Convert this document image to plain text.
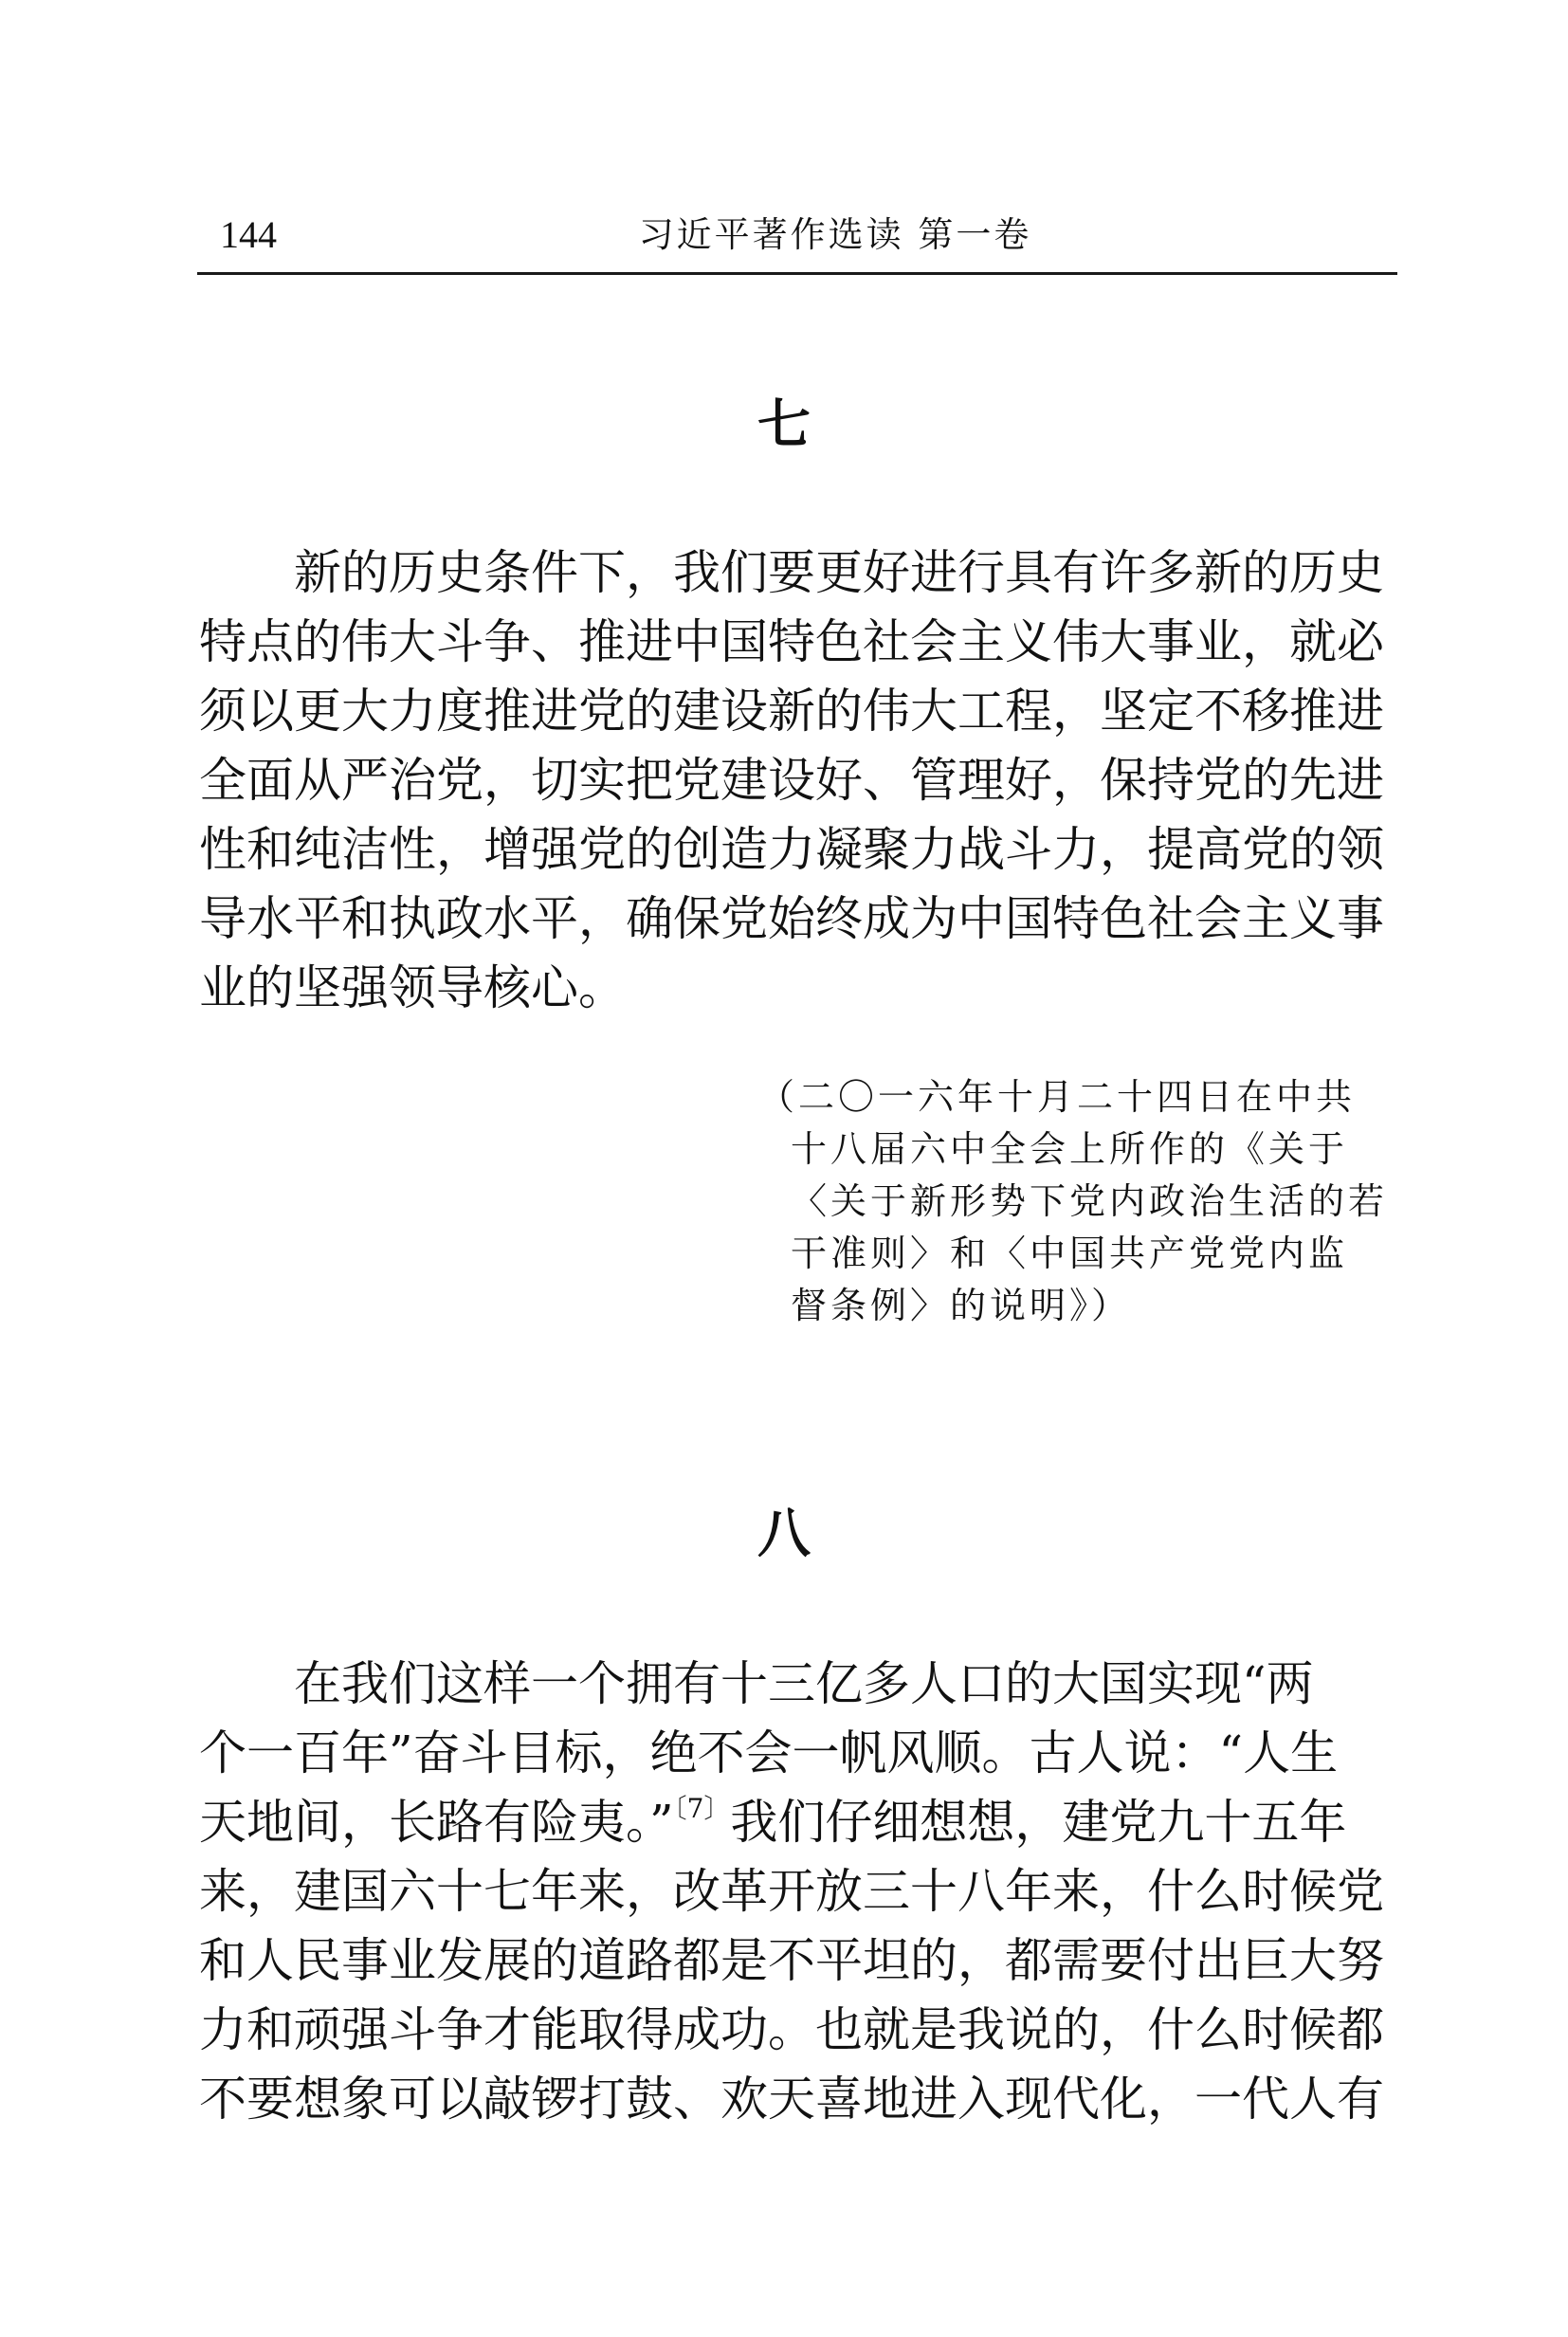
144	习近平著作选读 第一卷
七

　　新的历史条件下，我们要更好进行具有许多新的历史
特点的伟大斗争、推进中国特色社会主义伟大事业，就必
须以更大力度推进党的建设新的伟大工程，坚定不移推进
全面从严治党，切实把党建设好、管理好，保持党的先进
性和纯洁性，增强党的创造力凝聚力战斗力，提高党的领
导水平和执政水平，确保党始终成为中国特色社会主义事
业的坚强领导核心。

（二〇一六年十月二十四日在中共
十八届六中全会上所作的《关于
〈关于新形势下党内政治生活的若
干准则〉和〈中国共产党党内监
督条例〉的说明》）

八

　　在我们这样一个拥有十三亿多人口的大国实现“两
个一百年”奋斗目标，绝不会一帆风顺。古人说：“人生
天地间，长路有险夷。”$^{〔7〕}$我们仔细想想，建党九十五年
来，建国六十七年来，改革开放三十八年来，什么时候党
和人民事业发展的道路都是不平坦的，都需要付出巨大努
力和顽强斗争才能取得成功。也就是我说的，什么时候都
不要想象可以敲锣打鼓、欢天喜地进入现代化，一代人有
